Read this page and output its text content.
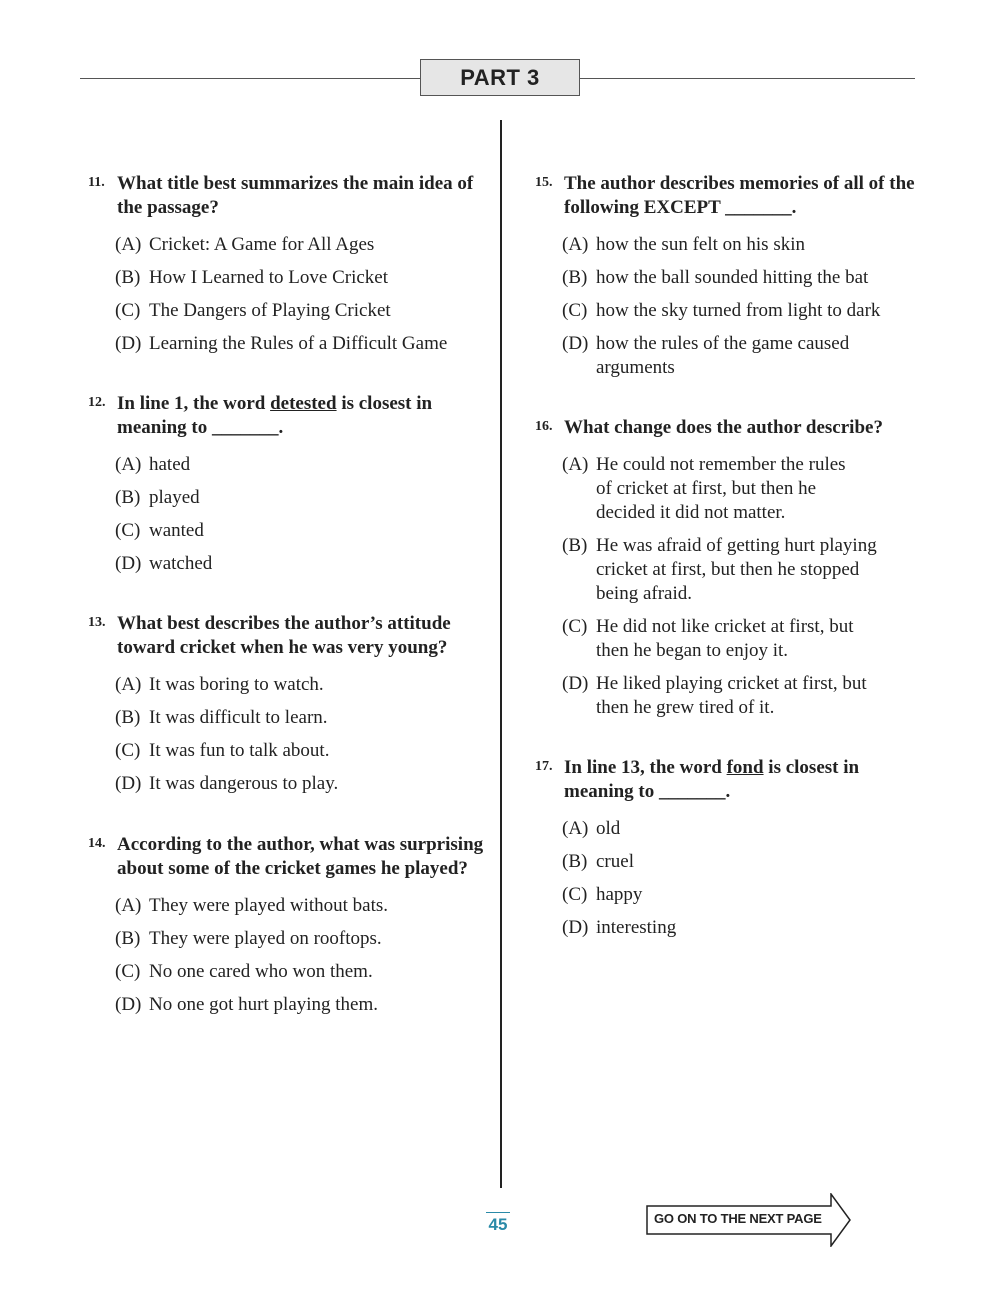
PART 3
11. What title best summarizes the main idea of the passage?
(A) Cricket: A Game for All Ages
(B) How I Learned to Love Cricket
(C) The Dangers of Playing Cricket
(D) Learning the Rules of a Difficult Game
12. In line 1, the word detested is closest in meaning to _______.
(A) hated
(B) played
(C) wanted
(D) watched
13. What best describes the author’s attitude toward cricket when he was very young?
(A) It was boring to watch.
(B) It was difficult to learn.
(C) It was fun to talk about.
(D) It was dangerous to play.
14. According to the author, what was surprising about some of the cricket games he played?
(A) They were played without bats.
(B) They were played on rooftops.
(C) No one cared who won them.
(D) No one got hurt playing them.
15. The author describes memories of all of the following EXCEPT _______.
(A) how the sun felt on his skin
(B) how the ball sounded hitting the bat
(C) how the sky turned from light to dark
(D) how the rules of the game caused arguments
16. What change does the author describe?
(A) He could not remember the rules of cricket at first, but then he decided it did not matter.
(B) He was afraid of getting hurt playing cricket at first, but then he stopped being afraid.
(C) He did not like cricket at first, but then he began to enjoy it.
(D) He liked playing cricket at first, but then he grew tired of it.
17. In line 13, the word fond is closest in meaning to _______.
(A) old
(B) cruel
(C) happy
(D) interesting
45	GO ON TO THE NEXT PAGE
